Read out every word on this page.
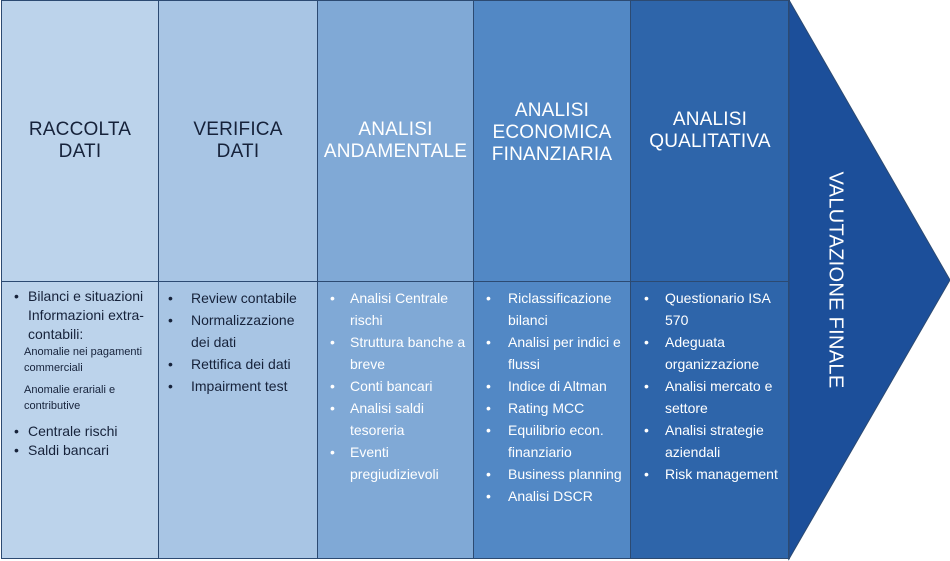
RACCOLTA
DATI
• Bilanci e situazioni Informazioni extra-contabili:
Anomalie nei pagamenti commerciali
Anomalie erariali e contributive
• Centrale rischi
• Saldi bancari
VERIFICA
DATI
• Review contabile
• Normalizzazione dei dati
• Rettifica dei dati
• Impairment test
ANALISI
ANDAMENTALE
• Analisi Centrale rischi
• Struttura banche a breve
• Conti bancari
• Analisi saldi tesoreria
• Eventi pregiudizievoli
ANALISI
ECONOMICA
FINANZIARIA
• Riclassificazione bilanci
• Analisi per indici e flussi
• Indice di Altman
• Rating MCC
• Equilibrio econ. finanziario
• Business planning
• Analisi DSCR
ANALISI
QUALITATIVA
• Questionario ISA 570
• Adeguata organizzazione
• Analisi mercato e settore
• Analisi strategie aziendali
• Risk management
VALUTAZIONE FINALE
